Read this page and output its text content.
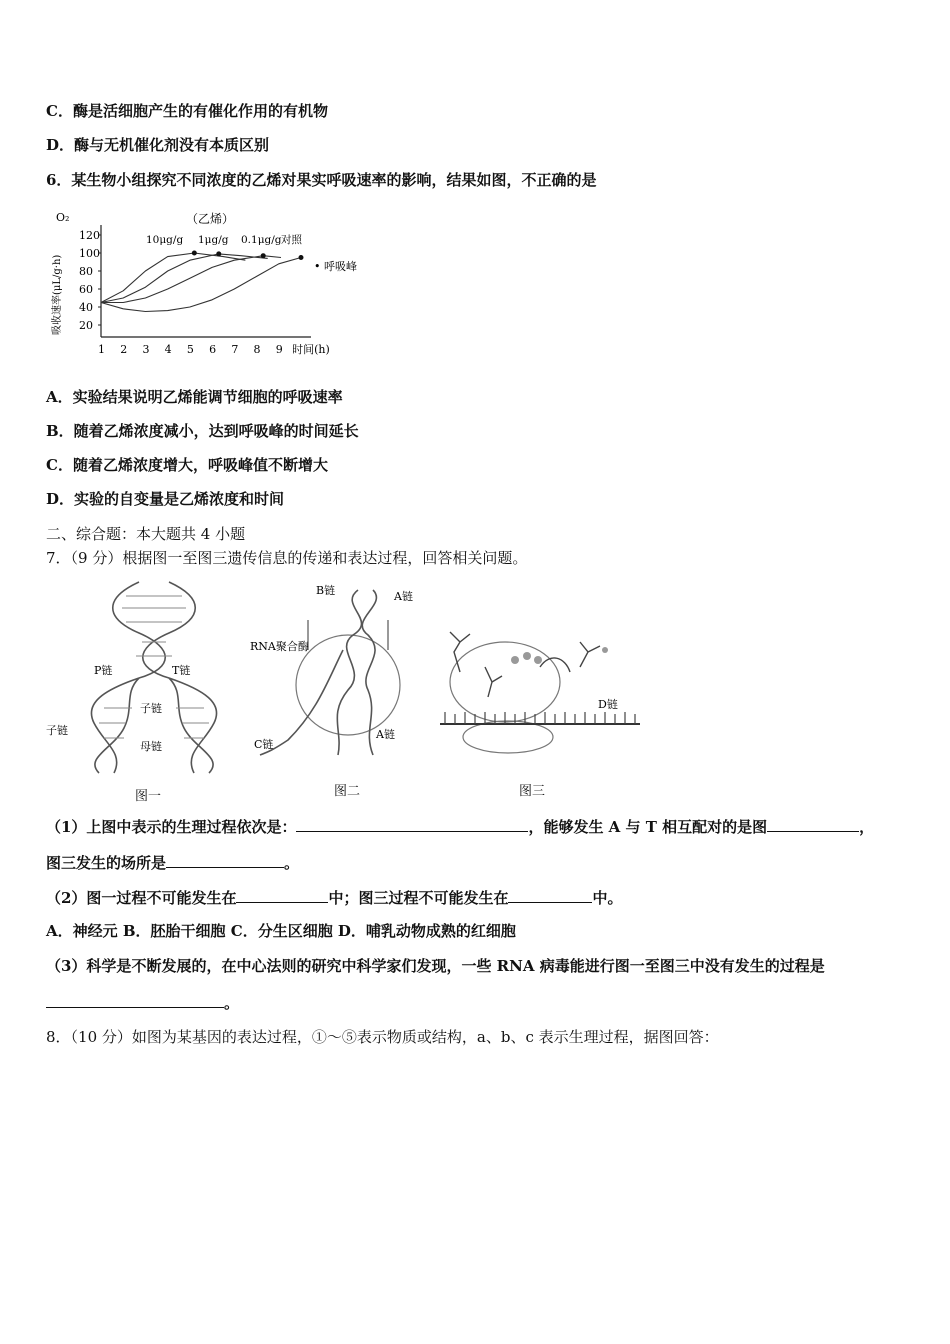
C．酶是活细胞产生的有催化作用的有机物
D．酶与无机催化剂没有本质区别
6．某生物小组探究不同浓度的乙烯对果实呼吸速率的影响，结果如图，不正确的是
O₂
吸收速率(μL/g·h)
（乙烯）
1 2 3 4 5 6 7 8 9 时间(h)
20
40
60
80
100
120	10μg/g 1μg/g 0.1μg/g 对照
• 呼吸峰
A．实验结果说明乙烯能调节细胞的呼吸速率
B．随着乙烯浓度减小，达到呼吸峰的时间延长
C．随着乙烯浓度增大，呼吸峰值不断增大
D．实验的自变量是乙烯浓度和时间
二、综合题：本大题共 4 小题
7．（9 分）根据图一至图三遗传信息的传递和表达过程，回答相关问题。
P链	T链
子链
子链
母链
图一
B链	A链
RNA聚合酶
C链
A链
图二
D链
图三
（1）上图中表示的生理过程依次是：	，能够发生 A 与 T 相互配对的是图	，
图三发生的场所是	。
（2）图一过程不可能发生在	中；图三过程不可能发生在	中。
A．神经元 B．胚胎干细胞 C．分生区细胞 D．哺乳动物成熟的红细胞
（3）科学是不断发展的，在中心法则的研究中科学家们发现，一些 RNA 病毒能进行图一至图三中没有发生的过程是
。
8．（10 分）如图为某基因的表达过程，①～⑤表示物质或结构，a、b、c 表示生理过程，据图回答：
